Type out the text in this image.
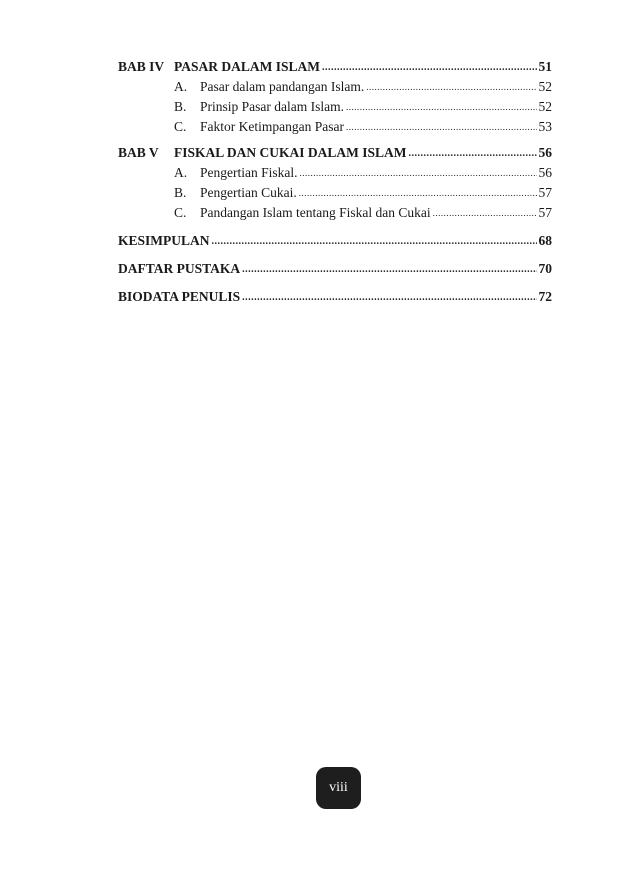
BAB IV PASAR DALAM ISLAM .....	51
A. Pasar dalam pandangan Islam. .....	52
B.	Prinsip Pasar dalam Islam. .....	52
C.	Faktor Ketimpangan Pasar .....	53
BAB V	FISKAL DAN CUKAI DALAM ISLAM .....	56
A. Pengertian Fiskal. .....	56
B.	Pengertian Cukai. .....	57
C.	Pandangan Islam tentang Fiskal dan Cukai .....	57
KESIMPULAN .....	68
DAFTAR PUSTAKA .....	70
BIODATA PENULIS .....	72
viii
